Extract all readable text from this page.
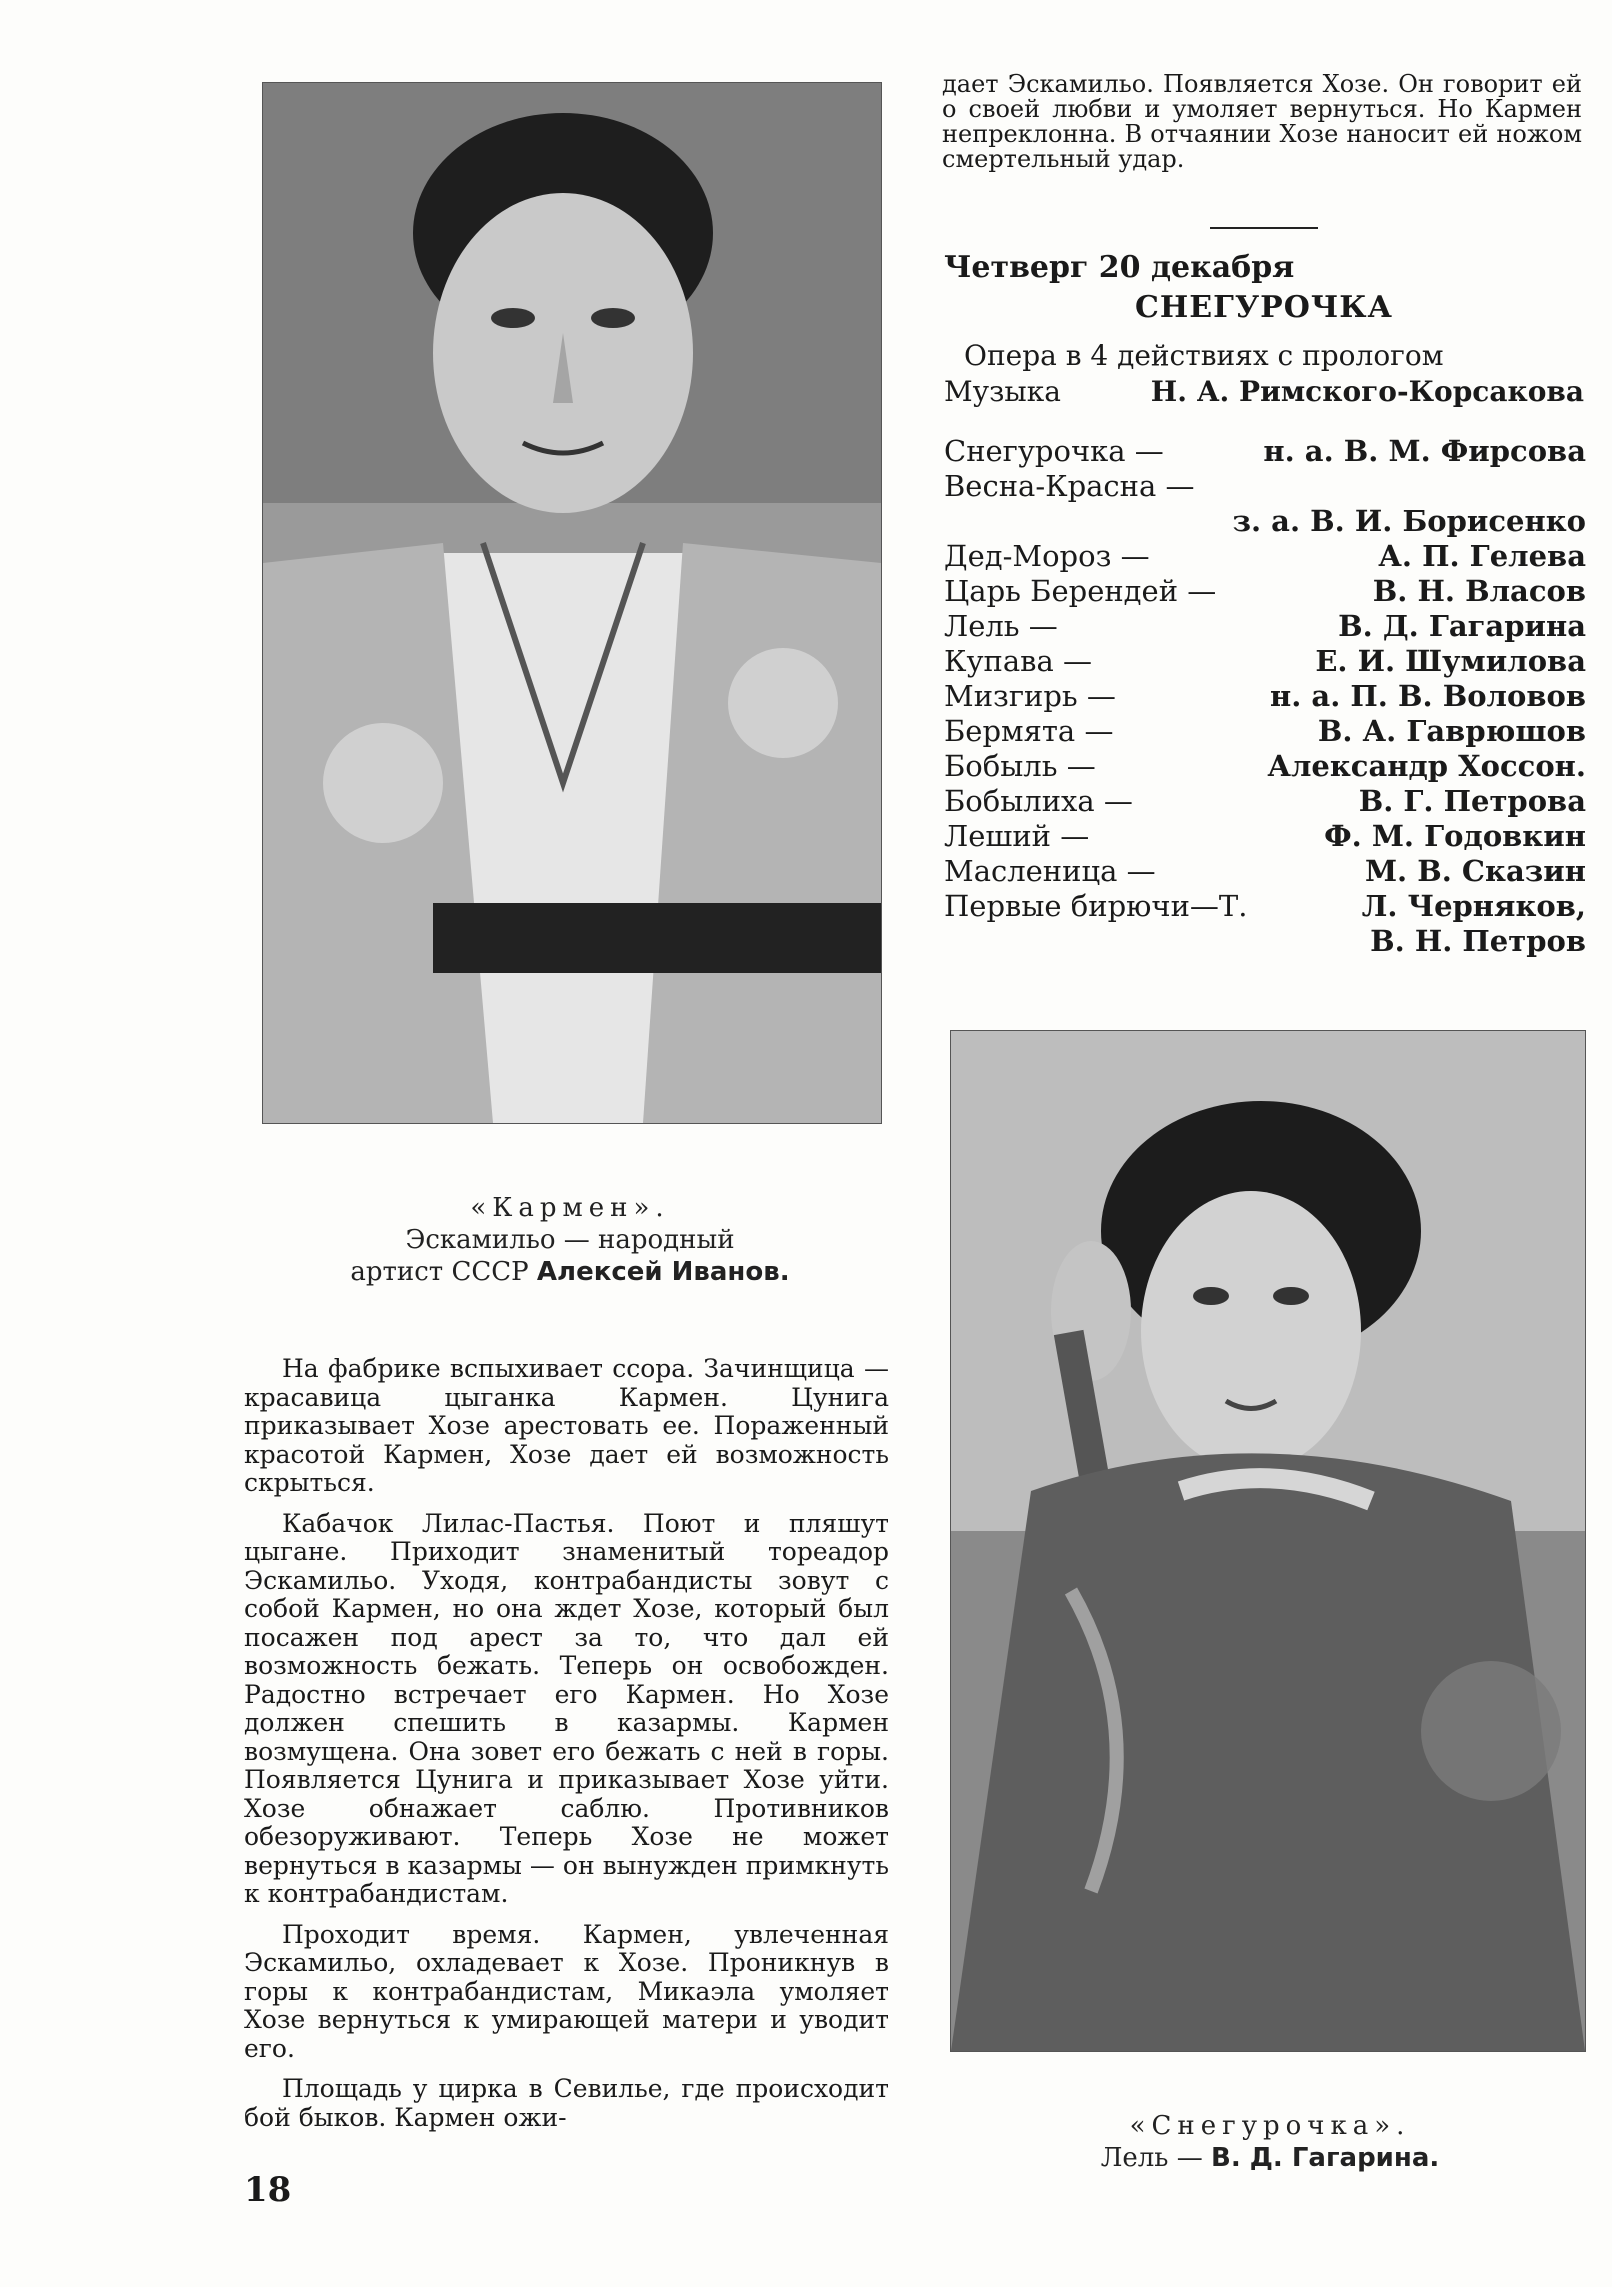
«Кармен».
Эскамильо — народный
артист СССР Алексей Иванов.

На фабрике вспыхивает ссора. Зачинщица — красавица цыганка Кармен. Цунига приказывает Хозе арестовать ее. Пораженный красотой Кармен, Хозе дает ей возможность скрыться.

Кабачок Лилас-Пастья. Поют и пляшут цыгане. Приходит знаменитый тореадор Эскамильо. Уходя, контрабандисты зовут с собой Кармен, но она ждет Хозе, который был посажен под арест за то, что дал ей возможность бежать. Теперь он освобожден. Радостно встречает его Кармен. Но Хозе должен спешить в казармы. Кармен возмущена. Она зовет его бежать с ней в горы. Появляется Цунига и приказывает Хозе уйти. Хозе обнажает саблю. Противников обезоруживают. Теперь Хозе не может вернуться в казармы — он вынужден примкнуть к контрабандистам.

Проходит время. Кармен, увлеченная Эскамильо, охладевает к Хозе. Проникнув в горы к контрабандистам, Микаэла умоляет Хозе вернуться к умирающей матери и уводит его.

Площадь у цирка в Севилье, где происходит бой быков. Кармен ожи-

18

дает Эскамильо. Появляется Хозе. Он говорит ей о своей любви и умоляет вернуться. Но Кармен непреклонна. В отчаянии Хозе наносит ей ножом смертельный удар.

Четверг 20 декабря
СНЕГУРОЧКА
Опера в 4 действиях с прологом
Музыка	Н. А. Римского-Корсакова
Снегурочка —	н. а. В. М. Фирсова
Весна-Красна —
з. а. В. И. Борисенко
Дед-Мороз —	А. П. Гелева
Царь Берендей —	В. Н. Власов
Лель —	В. Д. Гагарина
Купава —	Е. И. Шумилова
Мизгирь —	н. а. П. В. Воловов
Бермята —	В. А. Гаврюшов
Бобыль —	Александр Хоссон.
Бобылиха —	В. Г. Петрова
Леший —	Ф. М. Годовкин
Масленица —	М. В. Сказин
Первые бирючи—Т.	Л. Черняков,
В. Н. Петров
«Снегурочка».
Лель — В. Д. Гагарина.
